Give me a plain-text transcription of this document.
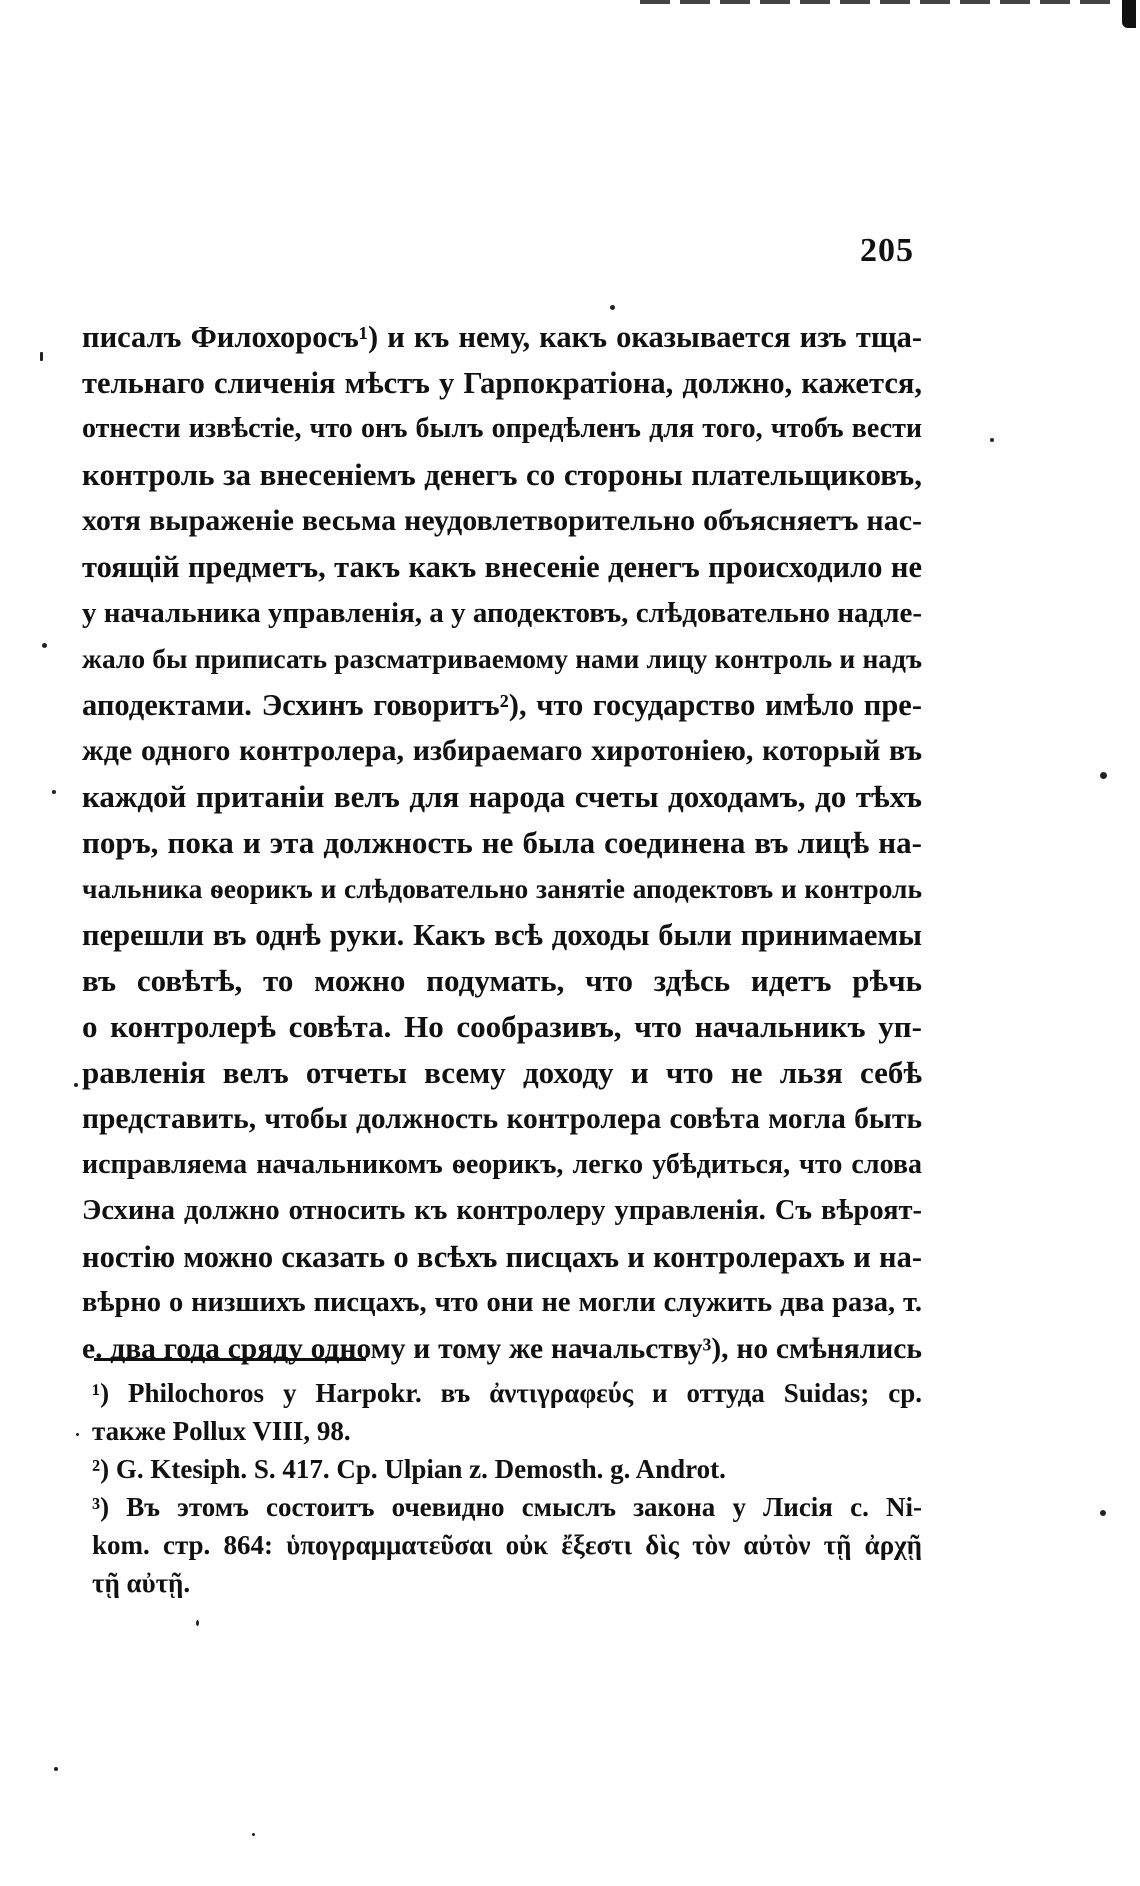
205
писалъ Филохоросъ¹) и къ нему, какъ оказывается изъ тща-
тельнаго сличенія мѣстъ у Гарпократіона, должно, кажется,
отнести извѣстіе, что онъ былъ опредѣленъ для того, чтобъ вести
контроль за внесеніемъ денегъ со стороны плательщиковъ,
хотя выраженіе весьма неудовлетворительно объясняетъ нас-
тоящій предметъ, такъ какъ внесеніе денегъ происходило не
у начальника управленія, а у аподектовъ, слѣдовательно надле-
жало бы приписать разсматриваемому нами лицу контроль и надъ
аподектами. Эсхинъ говоритъ²), что государство имѣло пре-
жде одного контролера, избираемаго хиротоніею, который въ
каждой пританіи велъ для народа счеты доходамъ, до тѣхъ
поръ, пока и эта должность не была соединена въ лицѣ на-
чальника ѳеорикъ и слѣдовательно занятіе аподектовъ и контроль
перешли въ однѣ руки. Какъ всѣ доходы были принимаемы
въ совѣтѣ, то можно подумать, что здѣсь идетъ рѣчь
о контролерѣ совѣта. Но сообразивъ, что начальникъ уп-
равленія велъ отчеты всему доходу и что не льзя себѣ
представить, чтобы должность контролера совѣта могла быть
исправляема начальникомъ ѳеорикъ, легко убѣдиться, что слова
Эсхина должно относить къ контролеру управленія. Съ вѣроят-
ностію можно сказать о всѣхъ писцахъ и контролерахъ и на-
вѣрно о низшихъ писцахъ, что они не могли служить два раза, т.
е. два года сряду одному и тому же начальству³), но смѣнялись
¹) Philochoros y Harpokr. въ ἀντιγραφεύς и оттуда Suidas; cp.
также Pollux VIII, 98.
²) G. Ktesiph. S. 417. Cp. Ulpian z. Demosth. g. Androt.
³) Въ этомъ состоитъ очевидно смыслъ закона у Лисія c. Ni-
kom. стр. 864: ὑπογραμματεῦσαι οὐκ ἔξεστι δὶς τὸν αὐτὸν τῇ ἀρχῇ
τῇ αὐτῇ.
